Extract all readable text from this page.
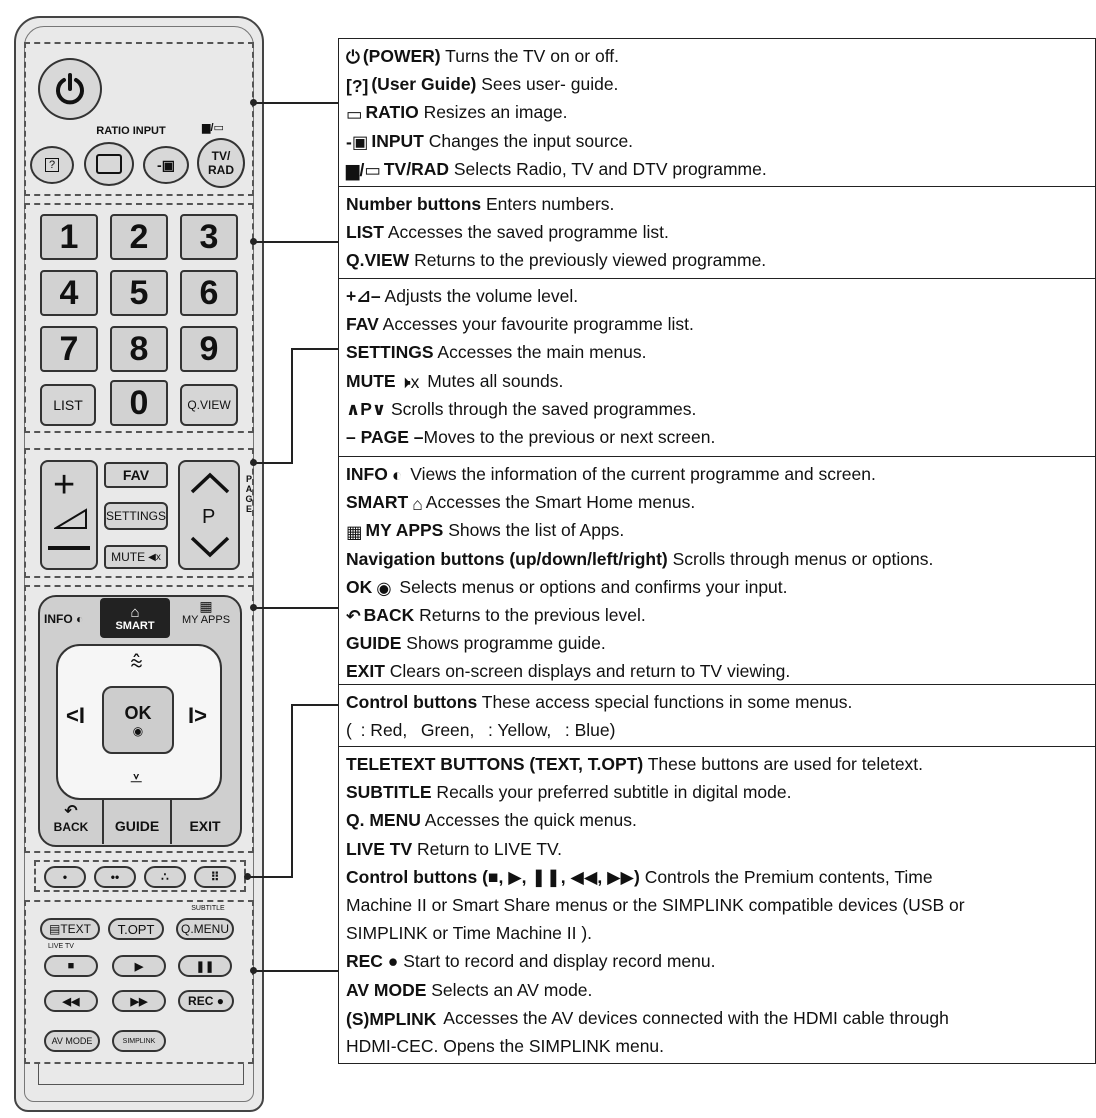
RATIO INPUT	▆/▭
?	-▣
TV/
RAD
1	2	3
4	5	6
7	8	9
LIST	0	Q.VIEW
+	FAV
SETTINGS
MUTE ◀x
P
PAGE
INFO ◐	⌂
SMART
▦
MY APPS
⩯
<I	I>
⩡
OK
◉
↶
BACK	GUIDE	EXIT
•	••	∴	⠿
▤ TEXT	T.OPT
SUBTITLE
Q.MENU
LIVE TV
■	▶	❚❚
◀◀	▶▶	REC ●
AV MODE	SIMPLINK
⏻ (POWER) Turns the TV on or off.
[?] (User Guide) Sees user- guide.
▭ RATIO Resizes an image.
-▣ INPUT Changes the input source.
▆/▭ TV/RAD Selects Radio, TV and DTV programme.
Number buttons Enters numbers.
LIST Accesses the saved programme list.
Q.VIEW Returns to the previously viewed programme.
+⊿– Adjusts the volume level.
FAV Accesses your favourite programme list.
SETTINGS Accesses the main menus.
MUTE 🕨x Mutes all sounds.
∧P∨ Scrolls through the saved programmes.
– PAGE –Moves to the previous or next screen.
INFO ◐ Views the information of the current programme and screen.
SMART ⌂ Accesses the Smart Home menus.
▦ MY APPS Shows the list of Apps.
Navigation buttons (up/down/left/right) Scrolls through menus or options.
OK ◉ Selects menus or options and confirms your input.
↶ BACK Returns to the previous level.
GUIDE Shows programme guide.
EXIT Clears on-screen displays and return to TV viewing.
Control buttons These access special functions in some menus.
( : Red,  Green,  : Yellow,  : Blue)
TELETEXT BUTTONS (TEXT, T.OPT) These buttons are used for teletext.
SUBTITLE Recalls your preferred subtitle in digital mode.
Q. MENU Accesses the quick menus.
LIVE TV Return to LIVE TV.
Control buttons (■, ▶, ❚❚, ◀◀, ▶▶) Controls the Premium contents, Time
Machine II or Smart Share menus or the SIMPLINK compatible devices (USB or
SIMPLINK or Time Machine II ).
REC ● Start to record and display record menu.
AV MODE Selects an AV mode.
(S)MPLINK Accesses the AV devices connected with the HDMI cable through
HDMI-CEC. Opens the SIMPLINK menu.
